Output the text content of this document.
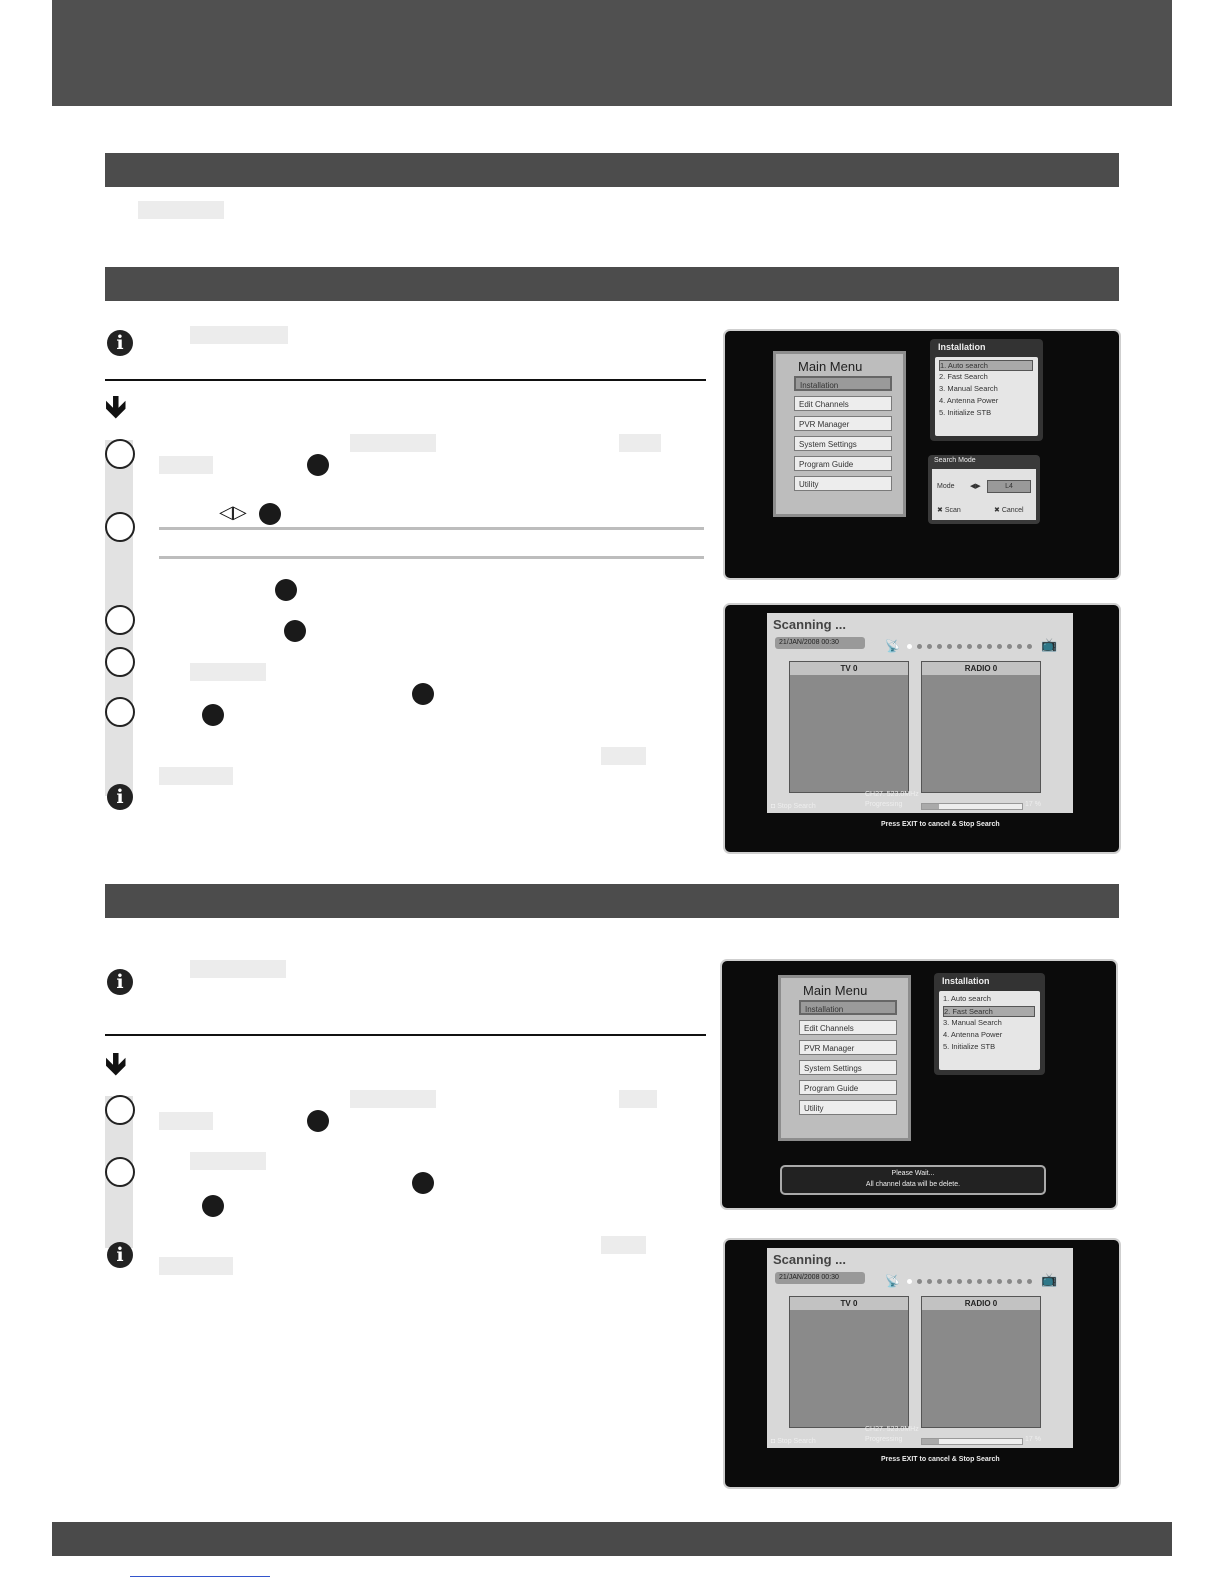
i
🡻
◁▷
i
Main Menu
Installation
Edit Channels
PVR Manager
System Settings
Program Guide
Utility
Installation
1. Auto search
2. Fast Search
3. Manual Search
4. Antenna Power
5. Initialize STB
Search Mode
Mode ◀▶	L4
✖ Scan	✖ Cancel
Scanning ...
21/JAN/2008 00:30	📡	📺
TV 0	RADIO 0
CH27. 523.0MHz
Progressing	17 %
◘ Stop Search
Press EXIT to cancel & Stop Search
i
🡻
i
Main Menu
Installation
Edit Channels
PVR Manager
System Settings
Program Guide
Utility
Installation
1. Auto search
2. Fast Search
3. Manual Search
4. Antenna Power
5. Initialize STB
Please Wait...
All channel data will be delete.
Scanning ...
21/JAN/2008 00:30	📡	📺
TV 0	RADIO 0
CH27. 523.0MHz
Progressing	17 %
◘ Stop Search
Press EXIT to cancel & Stop Search
